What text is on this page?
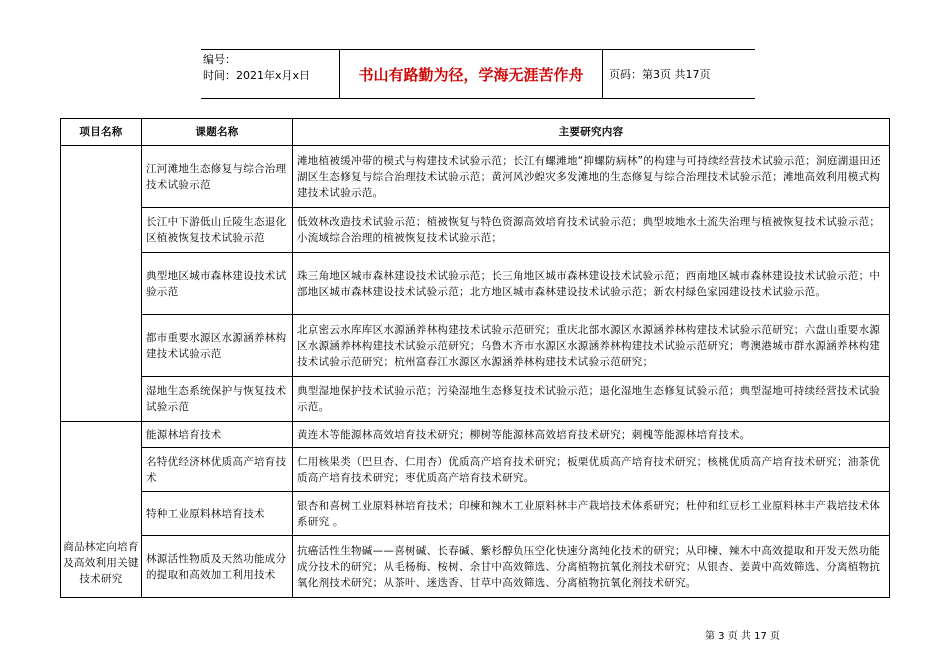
编号：
时间：2021年x月x日	书山有路勤为径，学海无涯苦作舟	页码：第3页 共17页
项目名称	课题名称	主要研究内容
	江河滩地生态修复与综合治理技术试验示范	滩地植被缓冲带的模式与构建技术试验示范；长江有螺滩地“抑螺防病林”的构建与可持续经营技术试验示范；洞庭湖退田还湖区生态修复与综合治理技术试验示范；黄河风沙蝗灾多发滩地的生态修复与综合治理技术试验示范；滩地高效利用模式构建技术试验示范。
	长江中下游低山丘陵生态退化区植被恢复技术试验示范	低效林改造技术试验示范；植被恢复与特色资源高效培育技术试验示范；典型坡地水土流失治理与植被恢复技术试验示范；小流域综合治理的植被恢复技术试验示范；
	典型地区城市森林建设技术试验示范	珠三角地区城市森林建设技术试验示范；长三角地区城市森林建设技术试验示范；西南地区城市森林建设技术试验示范；中部地区城市森林建设技术试验示范；北方地区城市森林建设技术试验示范；新农村绿色家园建设技术试验示范。
	都市重要水源区水源涵养林构建技术试验示范	北京密云水库库区水源涵养林构建技术试验示范研究；重庆北部水源区水源涵养林构建技术试验示范研究；六盘山重要水源区水源涵养林构建技术试验示范研究；乌鲁木齐市水源区水源涵养林构建技术试验示范研究；粤澳港城市群水源涵养林构建技术试验示范研究；杭州富春江水源区水源涵养林构建技术试验示范研究；
	湿地生态系统保护与恢复技术试验示范	典型湿地保护技术试验示范；污染湿地生态修复技术试验示范；退化湿地生态修复试验示范；典型湿地可持续经营技术试验示范。
商品林定向培育及高效利用关键技术研究	能源林培育技术	黄连木等能源林高效培育技术研究；柳树等能源林高效培育技术研究；刺槐等能源林培育技术。
	名特优经济林优质高产培育技术	仁用核果类（巴旦杏、仁用杏）优质高产培育技术研究；板栗优质高产培育技术研究；核桃优质高产培育技术研究；油茶优质高产培育技术研究；枣优质高产培育技术研究。
	特种工业原料林培育技术	银杏和喜树工业原料林培育技术；印楝和辣木工业原料林丰产栽培技术体系研究；杜仲和红豆杉工业原料林丰产栽培技术体系研究 。
	林源活性物质及天然功能成分的提取和高效加工利用技术	抗癌活性生物碱——喜树碱、长春碱、紫杉醇负压空化快速分离纯化技术的研究；从印楝、辣木中高效提取和开发天然功能成分技术的研究；从毛杨梅、桉树、余甘中高效筛选、分离植物抗氧化剂技术研究；从银杏、姜黄中高效筛选、分离植物抗氧化剂技术研究；从茶叶、迷迭香、甘草中高效筛选、分离植物抗氧化剂技术研究。
第 3 页 共 17 页
